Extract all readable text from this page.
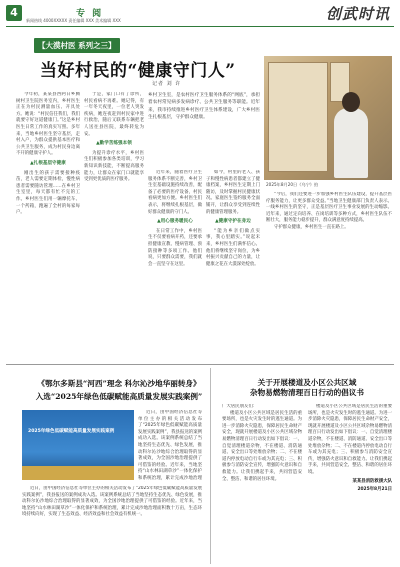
4	专 阅
新闻热线 4000XXXXX 责任编辑 XXX 美术编辑 XXX	创武时讯
【大漠村医 系列之三】
当好村民的“健康守门人”
记者 刘 许

今年初，某某县西阿日乡腾树村卫生院医务室内，乡村医生正在为村民测量血压、开具处方。她说：“村民信任我们，我们就要守好这道健康门。”这是乡村医生日常工作的真实写照。多年来，当地乡村医生坚守基层，走村入户，为群众提供基本医疗和公共卫生服务，成为村民身边离不开的健康守护人。

▲扎根基层守健康

刚出生的孩子需要接种疫苗，老人需要定期体检，慢性病患者需要随访管理……在乡村卫生室里，每天都有忙不完的工作。乡村医生们用一辆摩托车、一个药箱，跑遍了全村的每家每户。

于是，家门口有了诊所，村民看病不再难。她记得，有一年冬天夜里，一位老人突发疾病，她连夜赶到村民家中进行救治，随后又联系车辆把老人送往县医院，最终转危为安。

▲勤学苦练强本领

为提升诊疗水平，乡村医生们积极参加各类培训，学习新知识新技能，不断提高服务能力，让群众在家门口就能享受到更优质的医疗服务。

乡村卫生室，是农村医疗卫生服务体系的“网底”，承担着农村常见病多发病诊疗、公共卫生服务等职能。近年来，我市持续推进乡村医疗卫生体系建设，广大乡村医生扎根基层，守护群众健康。

近年来，随着医疗卫生服务体系不断完善，乡村卫生室基础设施持续改善，配备了必要的医疗设备，村民看病更加方便。乡村医生们表示，将继续扎根基层，做好群众健康的守门人。

▲用心服务暖民心

在日常工作中，乡村医生不仅要看病开药，还要承担健康宣教、慢病管理、预防接种等多项工作。他们说，只要群众需要，我们就会一直坚守在这里。

如今，村里的老人、孩子和慢性病患者都建立了健康档案，乡村医生定期上门随访，及时掌握村民健康状况。家庭医生签约服务全面铺开，让群众享受到连续性的健康管理服务。

▲健康守护在身边

“能为乡亲们做点实事，我心里踏实。”说起未来，乡村医生们满怀信心。他们将继续坚守岗位，为乡村振兴贡献自己的力量，让健康之花在大漠深处绽放。

2025年8月20日《乌宁》拍

“今后，我们还要进一步加强乡村医生队伍建设，提升基层医疗服务能力，让更多群众受益。”当地卫生健康部门负责人表示。一线乡村医生的坚守，正是基层医疗卫生事业发展的生动缩影。近年来，通过定向培养、在岗培训等多种方式，乡村医生队伍不断壮大，服务能力稳步提升，群众满意度持续提高。

守护群众健康，乡村医生一直在路上。

《鄂尔多斯县“河西”理念 科尔沁沙地华丽转身》
入选“2025年绿色低碳赋能高质量发展实践案例”
2025年绿色低碳赋能高质量发展实践案例

近日，由中国经济信息社等单位主办的相关活动发布了“2025年绿色低碳赋能高质量发展实践案例”，我县报送的案例成功入选。该案例系统总结了当地坚持生态优先、绿色发展，推动科尔沁沙地综合治理取得的显著成效，为全国沙地治理提供了可借鉴的经验。近年来，当地坚持“山水林田湖草沙”一体化保护和系统治理，累计完成沙地治理

近日，由中国经济信息社等单位主办的相关活动发布了“2025年绿色低碳赋能高质量发展实践案例”，我县报送的案例成功入选。该案例系统总结了当地坚持生态优先、绿色发展，推动科尔沁沙地综合治理取得的显著成效，为全国沙地治理提供了可借鉴的经验。近年来，当地坚持“山水林田湖草沙”一体化保护和系统治理，累计完成沙地治理面积数十万亩，生态环境持续向好，实现了生态效益、经济效益和社会效益有机统一。

关于开展楼道及小区公共区域
杂物易燃物清理百日行动的倡议书

广大居民朋友们：

楼道及小区公共区域是居民生活的重要场所，也是火灾发生时的逃生通道。为进一步消除火灾隐患，保障居民生命财产安全，现就开展楼道及小区公共区域杂物易燃物清理百日行动发出如下倡议：一、自觉清理楼道杂物，不在楼道、消防通道、安全出口等处堆放杂物；二、不在楼道内停放电动自行车或为其充电；三、积极参与消防安全宣传，增强防火意识和自救能力。让我们携起手来，共同营造安全、整洁、和谐的居住环境。

楼道及小区公共区域是居民生活的重要场所，也是火灾发生时的逃生通道。为进一步消除火灾隐患，保障居民生命财产安全，现就开展楼道及小区公共区域杂物易燃物清理百日行动发出如下倡议：一、自觉清理楼道杂物，不在楼道、消防通道、安全出口等处堆放杂物；二、不在楼道内停放电动自行车或为其充电；三、积极参与消防安全宣传，增强防火意识和自救能力。让我们携起手来，共同营造安全、整洁、和谐的居住环境。

某某县消防救援大队
2025年8月21日
